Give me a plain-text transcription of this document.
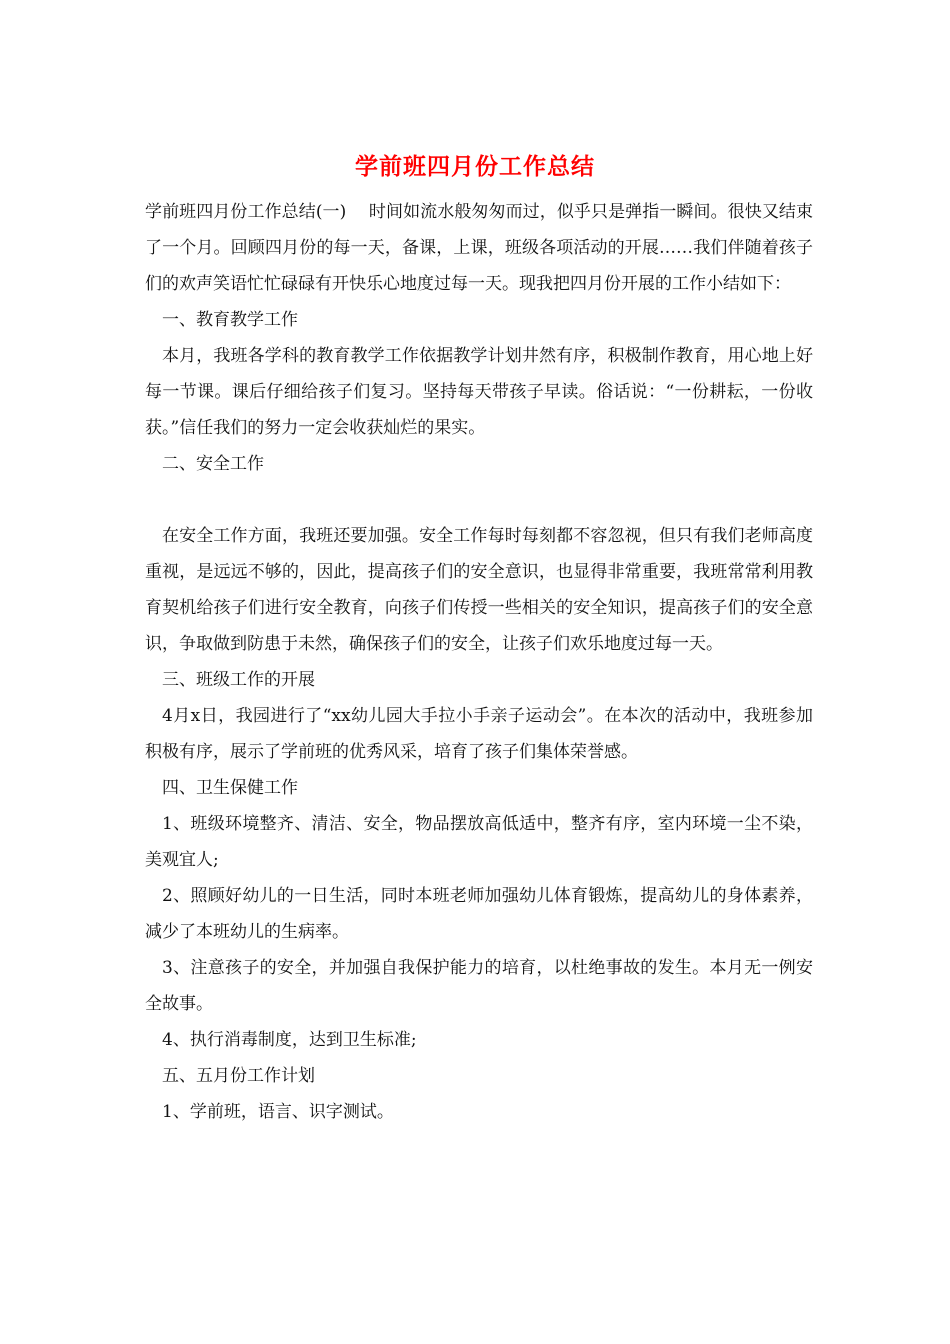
学前班四月份工作总结

学前班四月份工作总结(一)　 时间如流水般匆匆而过，似乎只是弹指一瞬间。很快又结束了一个月。回顾四月份的每一天，备课，上课，班级各项活动的开展……我们伴随着孩子们的欢声笑语忙忙碌碌有开快乐心地度过每一天。现我把四月份开展的工作小结如下：

一、教育教学工作

本月，我班各学科的教育教学工作依据教学计划井然有序，积极制作教育，用心地上好每一节课。课后仔细给孩子们复习。坚持每天带孩子早读。俗话说：“一份耕耘，一份收获。”信任我们的努力一定会收获灿烂的果实。

二、安全工作

在安全工作方面，我班还要加强。安全工作每时每刻都不容忽视，但只有我们老师高度重视，是远远不够的，因此，提高孩子们的安全意识，也显得非常重要，我班常常利用教育契机给孩子们进行安全教育，向孩子们传授一些相关的安全知识，提高孩子们的安全意识，争取做到防患于未然，确保孩子们的安全，让孩子们欢乐地度过每一天。

三、班级工作的开展

4月x日，我园进行了“xx幼儿园大手拉小手亲子运动会”。在本次的活动中，我班参加积极有序，展示了学前班的优秀风采，培育了孩子们集体荣誉感。

四、卫生保健工作

1、班级环境整齐、清洁、安全，物品摆放高低适中，整齐有序，室内环境一尘不染，美观宜人;

2、照顾好幼儿的一日生活，同时本班老师加强幼儿体育锻炼，提高幼儿的身体素养，减少了本班幼儿的生病率。

3、注意孩子的安全，并加强自我保护能力的培育，以杜绝事故的发生。本月无一例安全故事。

4、执行消毒制度，达到卫生标准;

五、五月份工作计划

1、学前班，语言、识字测试。
